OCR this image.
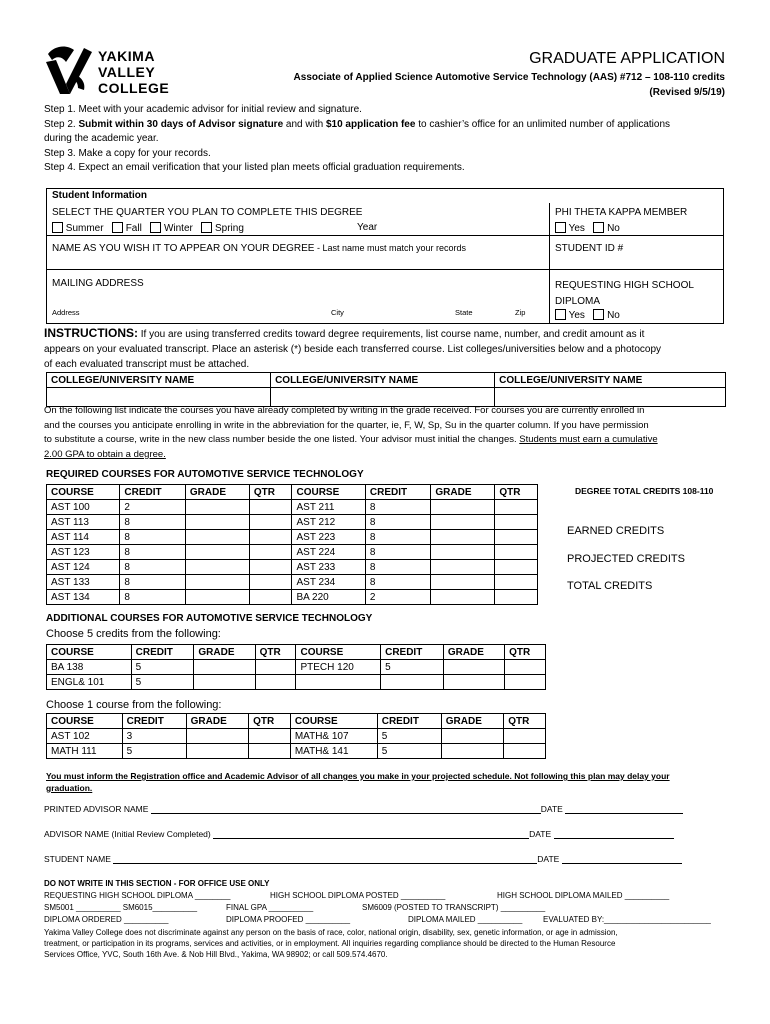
YAKIMA
VALLEY
COLLEGE
GRADUATE APPLICATION
Associate of Applied Science Automotive Service Technology (AAS) #712 – 108-110 credits
(Revised 9/5/19)
Step 1. Meet with your academic advisor for initial review and signature.
Step 2. Submit within 30 days of Advisor signature and with $10 application fee to cashier’s office for an unlimited number of applications
during the academic year.
Step 3. Make a copy for your records.
Step 4. Expect an email verification that your listed plan meets official graduation requirements.
Student Information
SELECT THE QUARTER YOU PLAN TO COMPLETE THIS DEGREE
Summer Fall Winter Spring	Year
PHI THETA KAPPA MEMBER
Yes No
NAME AS YOU WISH IT TO APPEAR ON YOUR DEGREE - Last name must match your records	STUDENT ID #
MAILING ADDRESS
Address	City	State	Zip
REQUESTING HIGH SCHOOL
DIPLOMA
Yes No
INSTRUCTIONS: If you are using transferred credits toward degree requirements, list course name, number, and credit amount as it
appears on your evaluated transcript. Place an asterisk (*) beside each transferred course. List colleges/universities below and a photocopy
of each evaluated transcript must be attached.
COLLEGE/UNIVERSITY NAME	COLLEGE/UNIVERSITY NAME	COLLEGE/UNIVERSITY NAME

On the following list indicate the courses you have already completed by writing in the grade received. For courses you are currently enrolled in
and the courses you anticipate enrolling in write in the abbreviation for the quarter, ie, F, W, Sp, Su in the quarter column. If you have permission
to substitute a course, write in the new class number beside the one listed. Your advisor must initial the changes. Students must earn a cumulative
2.00 GPA to obtain a degree.
REQUIRED COURSES FOR AUTOMOTIVE SERVICE TECHNOLOGY
COURSE	CREDIT	GRADE	QTR	COURSE	CREDIT	GRADE	QTR
AST 100	2			AST 211	8		
AST 113	8			AST 212	8		
AST 114	8			AST 223	8		
AST 123	8			AST 224	8		
AST 124	8			AST 233	8		
AST 133	8			AST 234	8		
AST 134	8			BA 220	2		
DEGREE TOTAL CREDITS 108-110
EARNED CREDITS
PROJECTED CREDITS
TOTAL CREDITS
ADDITIONAL COURSES FOR AUTOMOTIVE SERVICE TECHNOLOGY
Choose 5 credits from the following:
COURSE	CREDIT	GRADE	QTR	COURSE	CREDIT	GRADE	QTR
BA 138	5			PTECH 120	5		
ENGL& 101	5						
Choose 1 course from the following:
COURSE	CREDIT	GRADE	QTR	COURSE	CREDIT	GRADE	QTR
AST 102	3			MATH& 107	5		
MATH 111	5			MATH& 141	5		
You must inform the Registration office and Academic Advisor of all changes you make in your projected schedule. Not following this plan may delay your
graduation.
PRINTED ADVISOR NAME	DATE
ADVISOR NAME (Initial Review Completed)	DATE
STUDENT NAME	DATE
DO NOT WRITE IN THIS SECTION - FOR OFFICE USE ONLY
REQUESTING HIGH SCHOOL DIPLOMA ________	HIGH SCHOOL DIPLOMA POSTED __________	HIGH SCHOOL DIPLOMA MAILED __________
SM5001 __________ SM6015__________	FINAL GPA __________	SM6009 (POSTED TO TRANSCRIPT) __________
DIPLOMA ORDERED __________	DIPLOMA PROOFED __________	DIPLOMA MAILED __________	EVALUATED BY:________________________
Yakima Valley College does not discriminate against any person on the basis of race, color, national origin, disability, sex, genetic information, or age in admission,
treatment, or participation in its programs, services and activities, or in employment. All inquiries regarding compliance should be directed to the Human Resource
Services Office, YVC, South 16th Ave. & Nob Hill Blvd., Yakima, WA 98902; or call 509.574.4670.
